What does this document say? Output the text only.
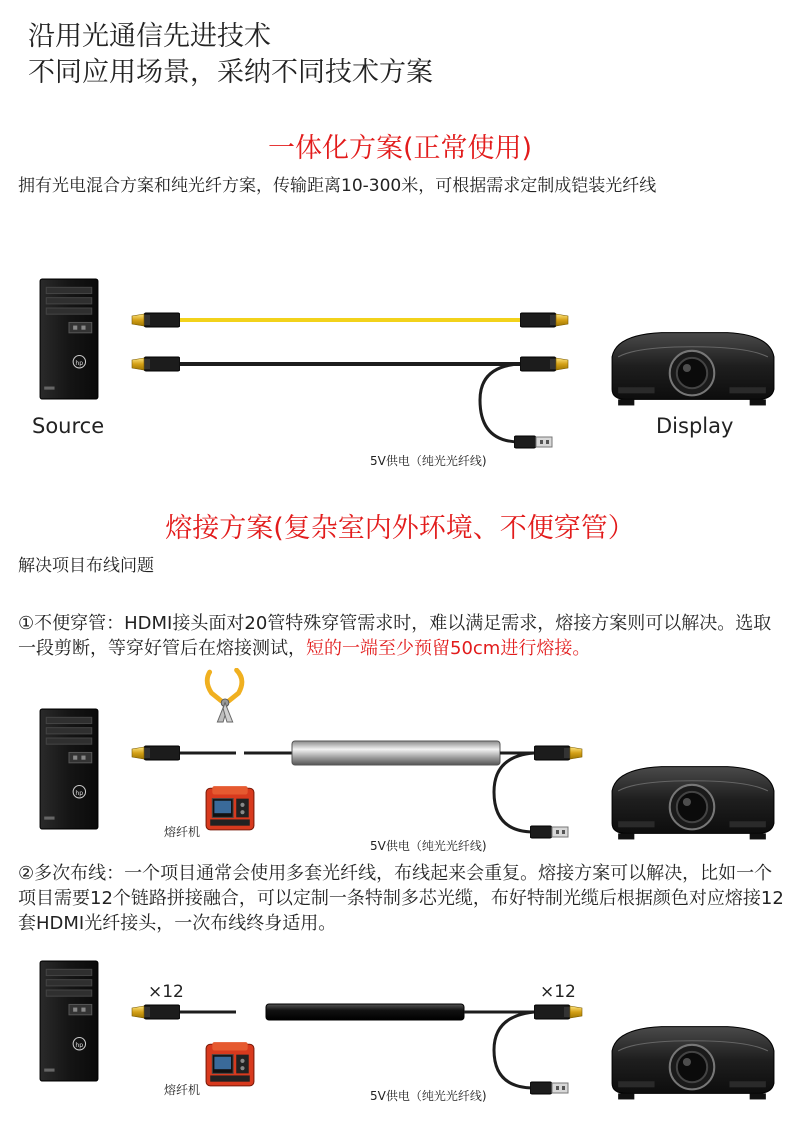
沿用光通信先进技术
不同应用场景，采纳不同技术方案
一体化方案(正常使用)
拥有光电混合方案和纯光纤方案，传输距离10-300米，可根据需求定制成铠装光纤线
Source	Display
5V供电（纯光光纤线)
熔接方案(复杂室内外环境、不便穿管）
解决项目布线问题
①不便穿管：HDMI接头面对20管特殊穿管需求时，难以满足需求，熔接方案则可以解决。选取一段剪断，等穿好管后在熔接测试，短的一端至少预留50cm进行熔接。
熔纤机
5V供电（纯光光纤线)
②多次布线：一个项目通常会使用多套光纤线，布线起来会重复。熔接方案可以解决，比如一个项目需要12个链路拼接融合，可以定制一条特制多芯光缆，布好特制光缆后根据颜色对应熔接12套HDMI光纤接头，一次布线终身适用。
×12	×12
熔纤机	5V供电（纯光光纤线)
